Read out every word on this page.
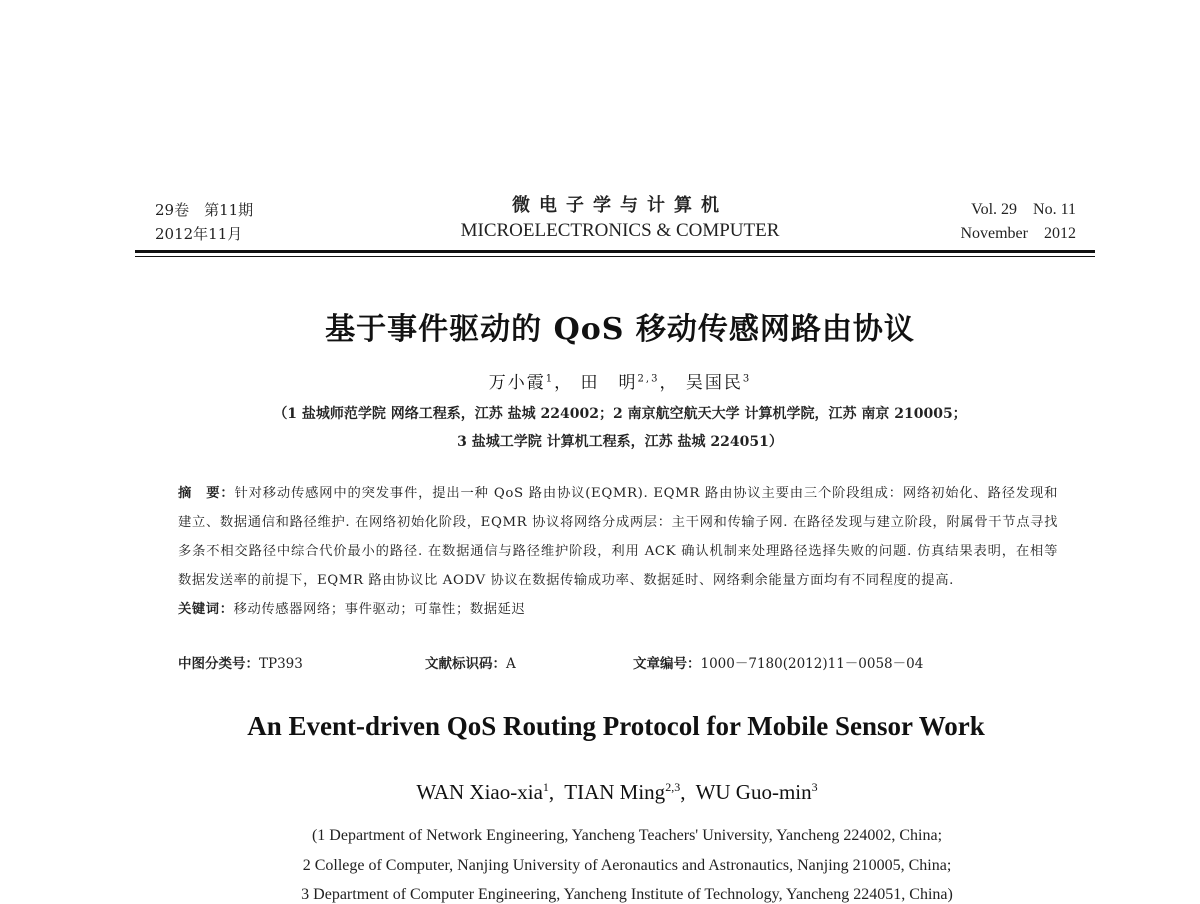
29卷　第11期
2012年11月
微电子学与计算机
MICROELECTRONICS & COMPUTER
Vol. 29　No. 11
November　2012
基于事件驱动的 QoS 移动传感网路由协议
万小霞$^1$， 田　明$^{2,3}$， 吴国民$^3$
（1 盐城师范学院 网络工程系，江苏 盐城 224002；2 南京航空航天大学 计算机学院，江苏 南京 210005；
3 盐城工学院 计算机工程系，江苏 盐城 224051）

摘　要：针对移动传感网中的突发事件，提出一种 QoS 路由协议(EQMR). EQMR 路由协议主要由三个阶段组成：网络初始化、路径发现和建立、数据通信和路径维护. 在网络初始化阶段，EQMR 协议将网络分成两层：主干网和传输子网. 在路径发现与建立阶段，附属骨干节点寻找多条不相交路径中综合代价最小的路径. 在数据通信与路径维护阶段，利用 ACK 确认机制来处理路径选择失败的问题. 仿真结果表明，在相等数据发送率的前提下，EQMR 路由协议比 AODV 协议在数据传输成功率、数据延时、网络剩余能量方面均有不同程度的提高.

关键词：移动传感器网络；事件驱动；可靠性；数据延迟

中图分类号：TP393	文献标识码：A	文章编号：1000－7180(2012)11－0058－04
An Event-driven QoS Routing Protocol for Mobile Sensor Work
WAN Xiao-xia$^1$,  TIAN Ming$^{2,3}$,  WU Guo-$\min^3$
(1 Department of Network Engineering, Yancheng Teachers' University, Yancheng 224002, China;
2 College of Computer, Nanjing University of Aeronautics and Astronautics, Nanjing 210005, China;
3 Department of Computer Engineering, Yancheng Institute of Technology, Yancheng 224051, China)
